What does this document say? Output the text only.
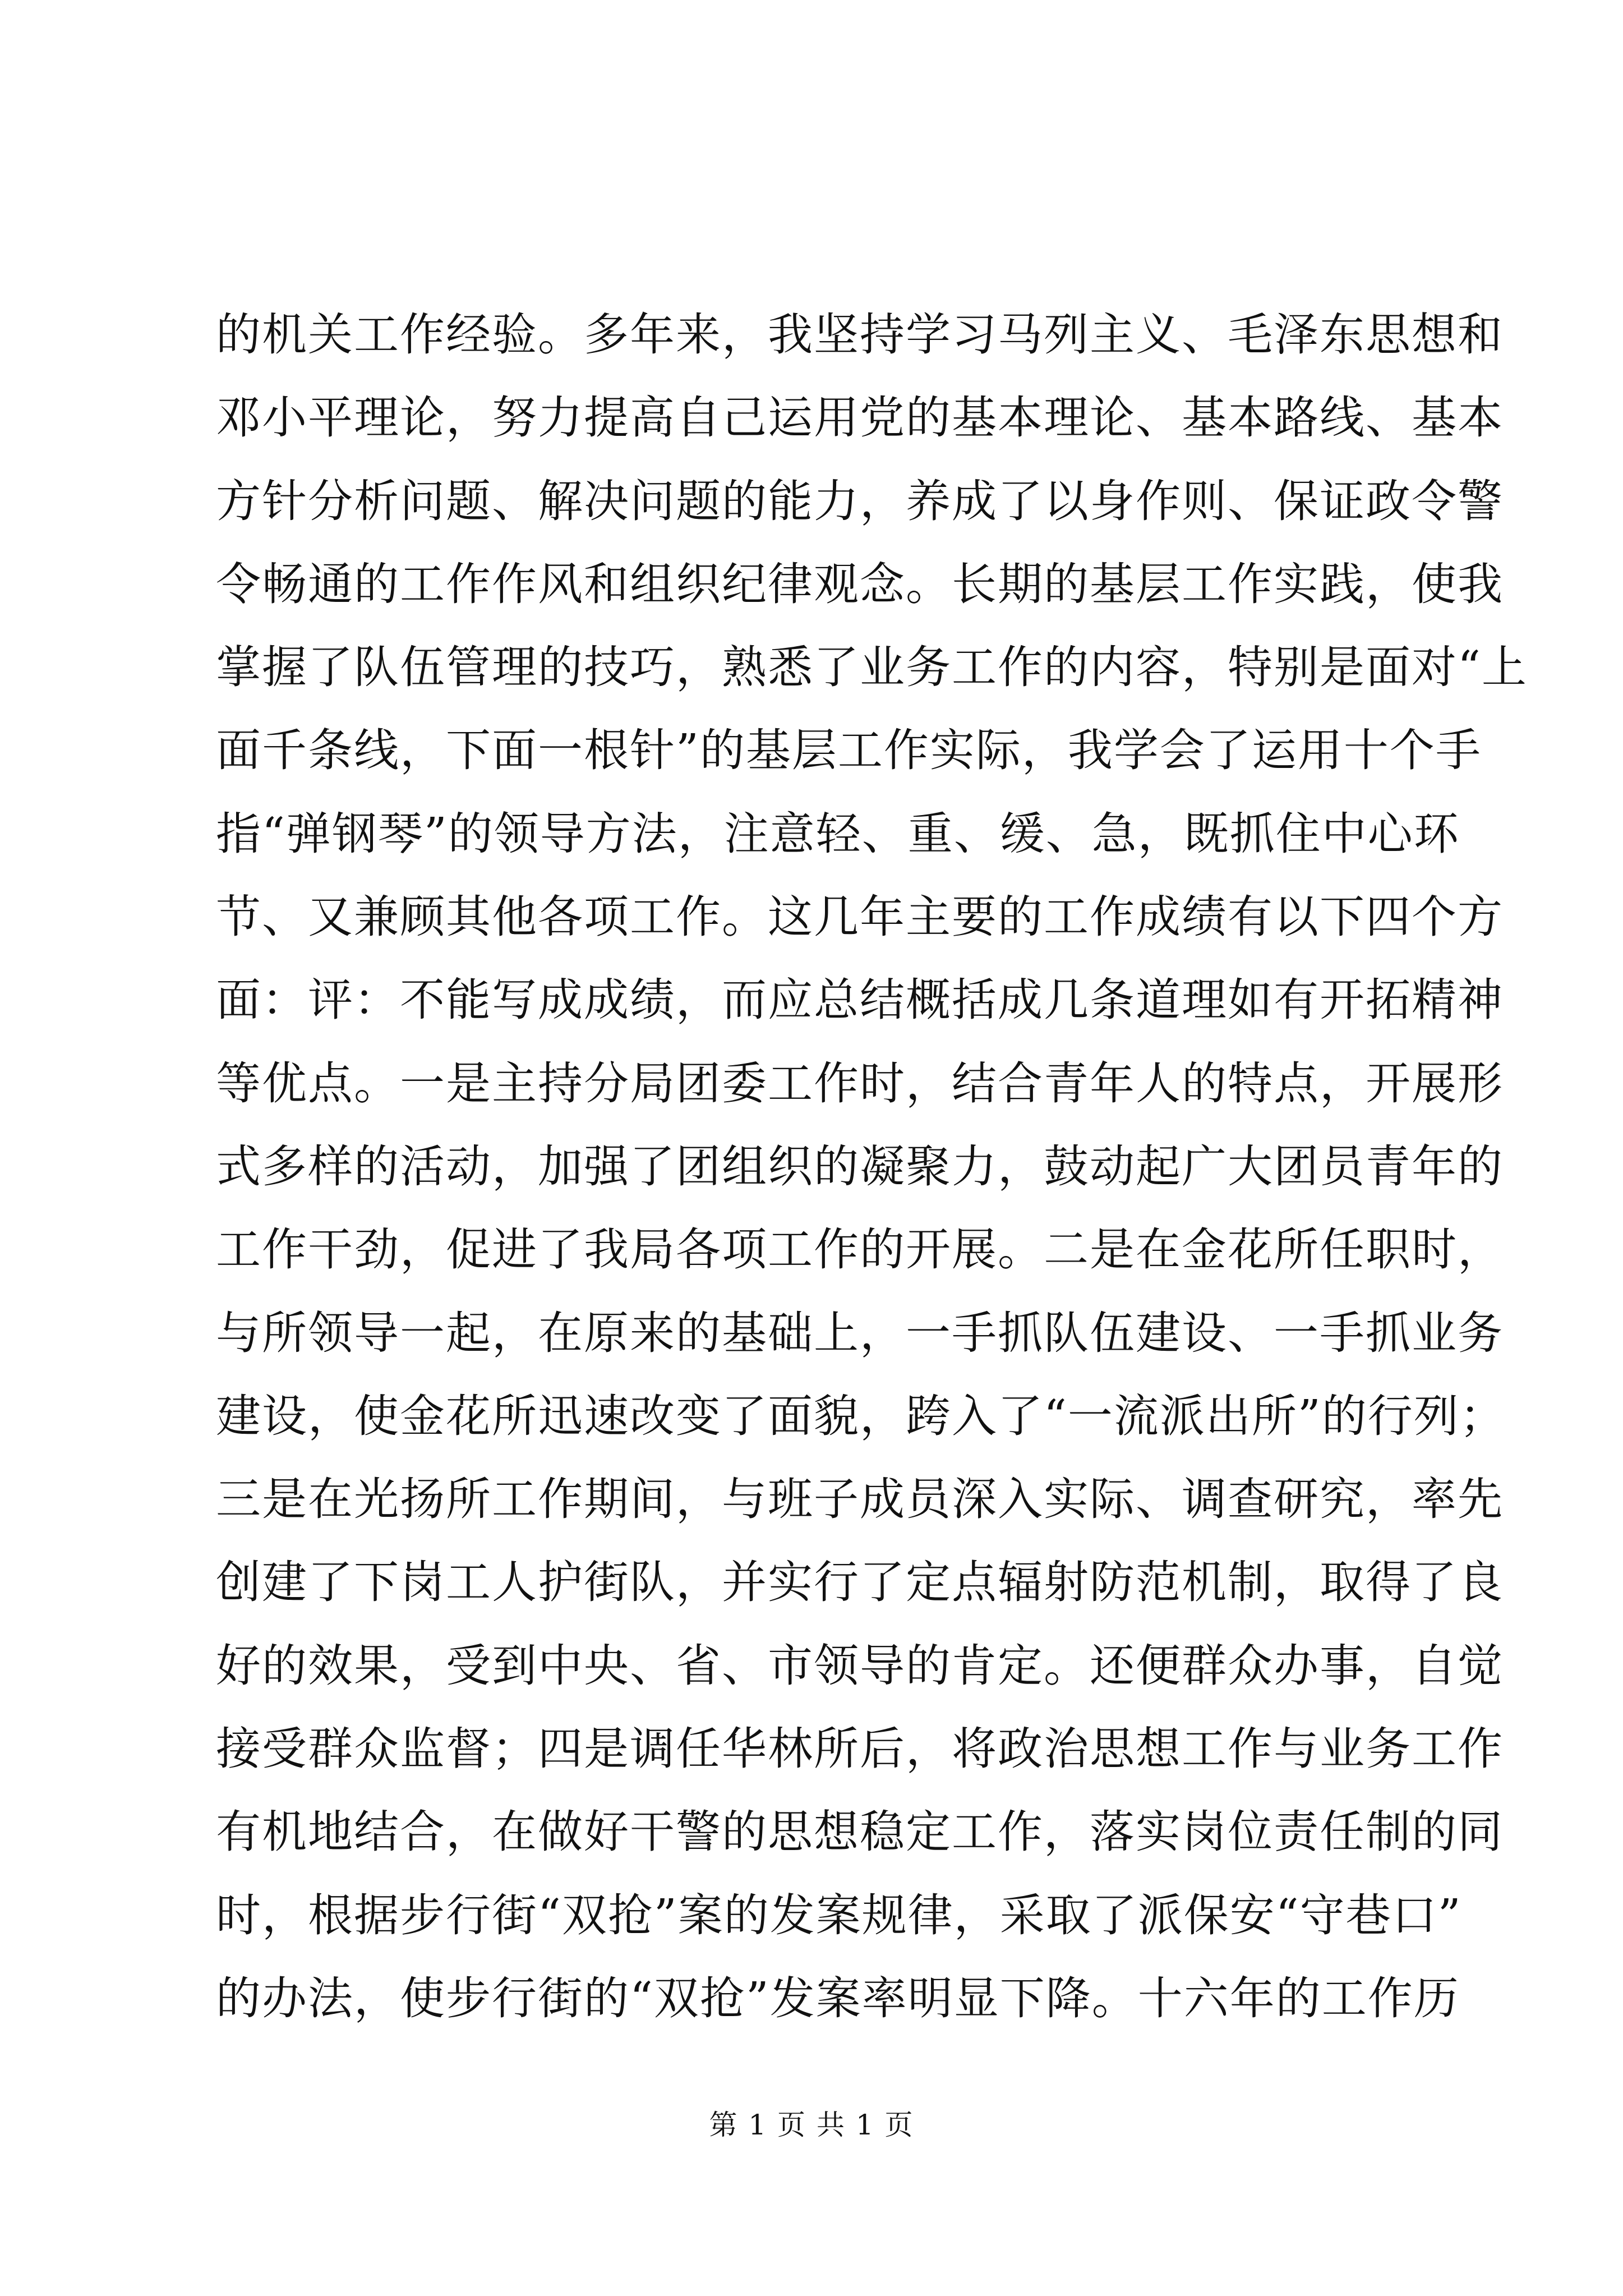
的机关工作经验。多年来，我坚持学习马列主义、毛泽东思想和
邓小平理论，努力提高自己运用党的基本理论、基本路线、基本
方针分析问题、解决问题的能力，养成了以身作则、保证政令警
令畅通的工作作风和组织纪律观念。长期的基层工作实践，使我
掌握了队伍管理的技巧，熟悉了业务工作的内容，特别是面对“上
面千条线，下面一根针”的基层工作实际，我学会了运用十个手
指“弹钢琴”的领导方法，注意轻、重、缓、急，既抓住中心环
节、又兼顾其他各项工作。这几年主要的工作成绩有以下四个方
面：评：不能写成成绩，而应总结概括成几条道理如有开拓精神
等优点。一是主持分局团委工作时，结合青年人的特点，开展形
式多样的活动，加强了团组织的凝聚力，鼓动起广大团员青年的
工作干劲，促进了我局各项工作的开展。二是在金花所任职时，
与所领导一起，在原来的基础上，一手抓队伍建设、一手抓业务
建设，使金花所迅速改变了面貌，跨入了“一流派出所”的行列；
三是在光扬所工作期间，与班子成员深入实际、调查研究，率先
创建了下岗工人护街队，并实行了定点辐射防范机制，取得了良
好的效果，受到中央、省、市领导的肯定。还便群众办事，自觉
接受群众监督；四是调任华林所后，将政治思想工作与业务工作
有机地结合，在做好干警的思想稳定工作，落实岗位责任制的同
时，根据步行街“双抢”案的发案规律，采取了派保安“守巷口”
的办法，使步行街的“双抢”发案率明显下降。十六年的工作历
第 1 页 共 1 页
